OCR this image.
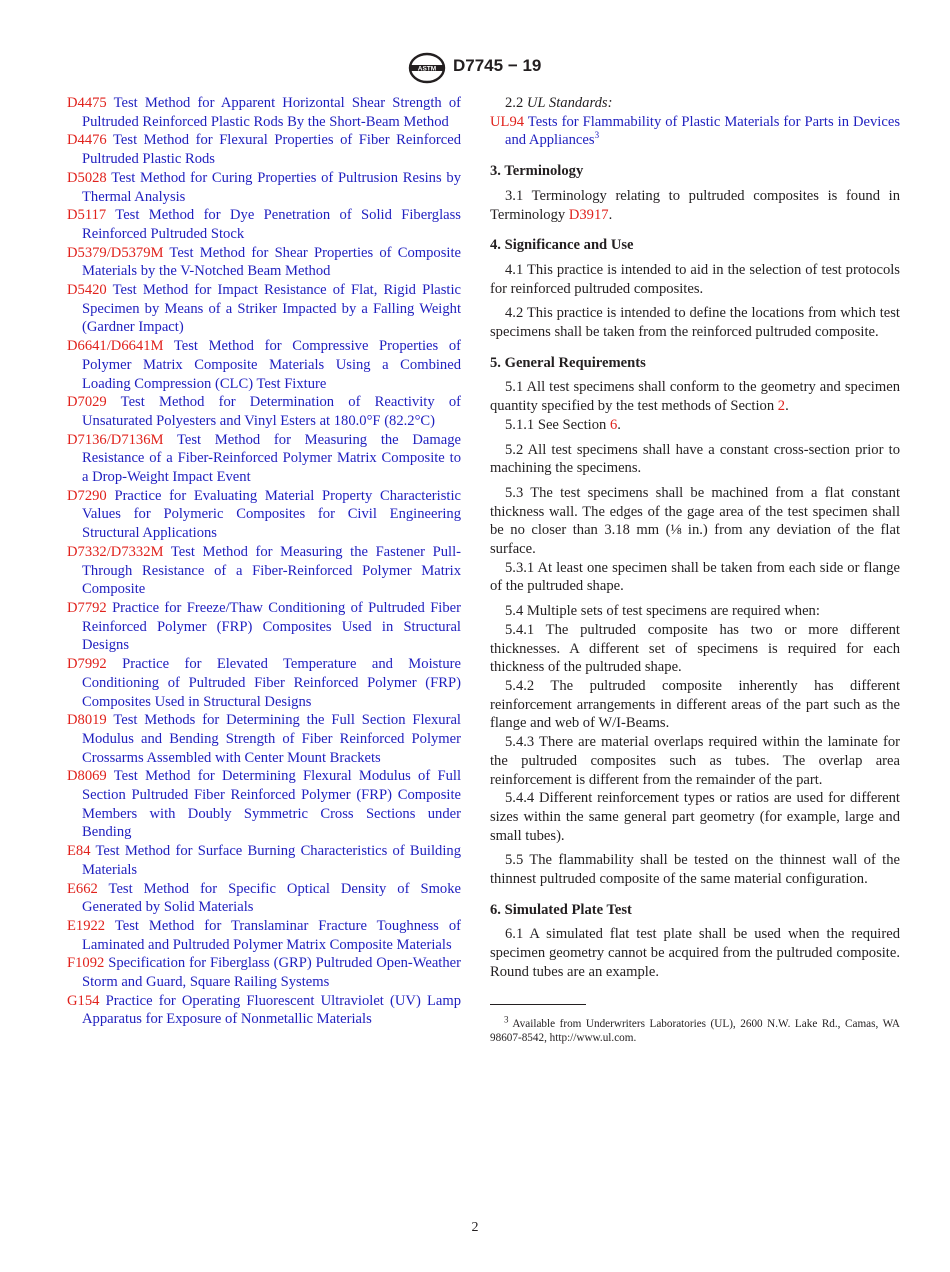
ASTM D7745 − 19
D4475 Test Method for Apparent Horizontal Shear Strength of Pultruded Reinforced Plastic Rods By the Short-Beam Method
D4476 Test Method for Flexural Properties of Fiber Reinforced Pultruded Plastic Rods
D5028 Test Method for Curing Properties of Pultrusion Resins by Thermal Analysis
D5117 Test Method for Dye Penetration of Solid Fiberglass Reinforced Pultruded Stock
D5379/D5379M Test Method for Shear Properties of Composite Materials by the V-Notched Beam Method
D5420 Test Method for Impact Resistance of Flat, Rigid Plastic Specimen by Means of a Striker Impacted by a Falling Weight (Gardner Impact)
D6641/D6641M Test Method for Compressive Properties of Polymer Matrix Composite Materials Using a Combined Loading Compression (CLC) Test Fixture
D7029 Test Method for Determination of Reactivity of Unsaturated Polyesters and Vinyl Esters at 180.0°F (82.2°C)
D7136/D7136M Test Method for Measuring the Damage Resistance of a Fiber-Reinforced Polymer Matrix Composite to a Drop-Weight Impact Event
D7290 Practice for Evaluating Material Property Characteristic Values for Polymeric Composites for Civil Engineering Structural Applications
D7332/D7332M Test Method for Measuring the Fastener Pull-Through Resistance of a Fiber-Reinforced Polymer Matrix Composite
D7792 Practice for Freeze/Thaw Conditioning of Pultruded Fiber Reinforced Polymer (FRP) Composites Used in Structural Designs
D7992 Practice for Elevated Temperature and Moisture Conditioning of Pultruded Fiber Reinforced Polymer (FRP) Composites Used in Structural Designs
D8019 Test Methods for Determining the Full Section Flexural Modulus and Bending Strength of Fiber Reinforced Polymer Crossarms Assembled with Center Mount Brackets
D8069 Test Method for Determining Flexural Modulus of Full Section Pultruded Fiber Reinforced Polymer (FRP) Composite Members with Doubly Symmetric Cross Sections under Bending
E84 Test Method for Surface Burning Characteristics of Building Materials
E662 Test Method for Specific Optical Density of Smoke Generated by Solid Materials
E1922 Test Method for Translaminar Fracture Toughness of Laminated and Pultruded Polymer Matrix Composite Materials
F1092 Specification for Fiberglass (GRP) Pultruded Open-Weather Storm and Guard, Square Railing Systems
G154 Practice for Operating Fluorescent Ultraviolet (UV) Lamp Apparatus for Exposure of Nonmetallic Materials
2.2 UL Standards:
UL94 Tests for Flammability of Plastic Materials for Parts in Devices and Appliances$^3$
3. Terminology
3.1 Terminology relating to pultruded composites is found in Terminology D3917.
4. Significance and Use
4.1 This practice is intended to aid in the selection of test protocols for reinforced pultruded composites.
4.2 This practice is intended to define the locations from which test specimens shall be taken from the reinforced pultruded composite.
5. General Requirements
5.1 All test specimens shall conform to the geometry and specimen quantity specified by the test methods of Section 2.
5.1.1 See Section 6.
5.2 All test specimens shall have a constant cross-section prior to machining the specimens.
5.3 The test specimens shall be machined from a flat constant thickness wall. The edges of the gage area of the test specimen shall be no closer than 3.18 mm (⅛ in.) from any deviation of the flat surface.
5.3.1 At least one specimen shall be taken from each side or flange of the pultruded shape.
5.4 Multiple sets of test specimens are required when:
5.4.1 The pultruded composite has two or more different thicknesses. A different set of specimens is required for each thickness of the pultruded shape.
5.4.2 The pultruded composite inherently has different reinforcement arrangements in different areas of the part such as the flange and web of W/I-Beams.
5.4.3 There are material overlaps required within the laminate for the pultruded composites such as tubes. The overlap area reinforcement is different from the remainder of the part.
5.4.4 Different reinforcement types or ratios are used for different sizes within the same general part geometry (for example, large and small tubes).
5.5 The flammability shall be tested on the thinnest wall of the thinnest pultruded composite of the same material configuration.
6. Simulated Plate Test
6.1 A simulated flat test plate shall be used when the required specimen geometry cannot be acquired from the pultruded composite. Round tubes are an example.
$^3$ Available from Underwriters Laboratories (UL), 2600 N.W. Lake Rd., Camas, WA 98607-8542, http://www.ul.com.
2
